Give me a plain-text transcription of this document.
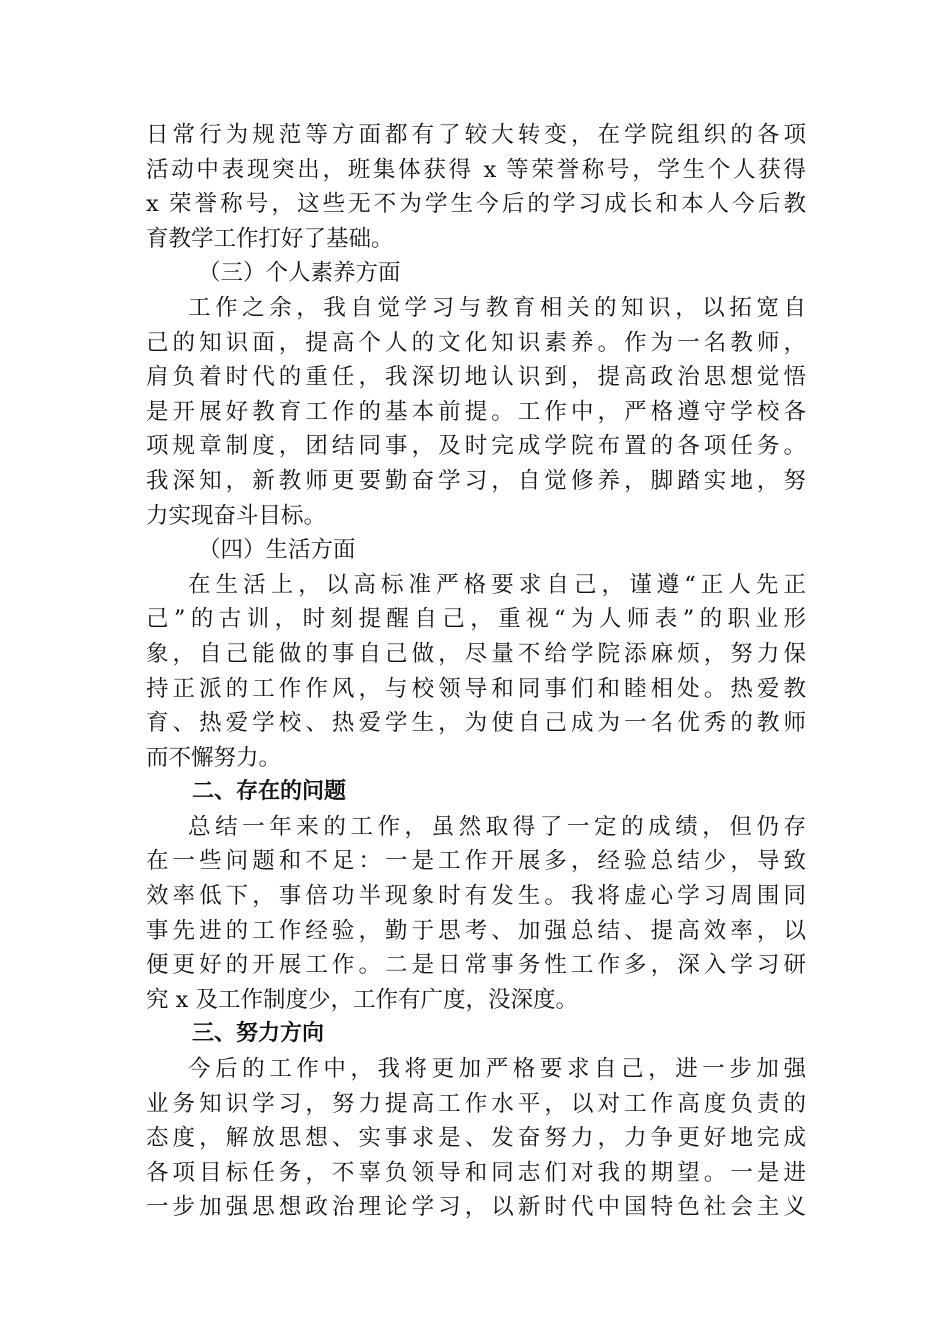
日常行为规范等方面都有了较大转变，在学院组织的各项
活动中表现突出，班集体获得 x 等荣誉称号，学生个人获得
x 荣誉称号，这些无不为学生今后的学习成长和本人今后教
育教学工作打好了基础。
（三）个人素养方面
工作之余，我自觉学习与教育相关的知识，以拓宽自
己的知识面，提高个人的文化知识素养。作为一名教师，
肩负着时代的重任，我深切地认识到，提高政治思想觉悟
是开展好教育工作的基本前提。工作中，严格遵守学校各
项规章制度，团结同事，及时完成学院布置的各项任务。
我深知，新教师更要勤奋学习，自觉修养，脚踏实地，努
力实现奋斗目标。
（四）生活方面
在生活上，以高标准严格要求自己，谨遵“正人先正
己”的古训，时刻提醒自己，重视“为人师表”的职业形
象，自己能做的事自己做，尽量不给学院添麻烦，努力保
持正派的工作作风，与校领导和同事们和睦相处。热爱教
育、热爱学校、热爱学生，为使自己成为一名优秀的教师
而不懈努力。
二、存在的问题
总结一年来的工作，虽然取得了一定的成绩，但仍存
在一些问题和不足：一是工作开展多，经验总结少，导致
效率低下，事倍功半现象时有发生。我将虚心学习周围同
事先进的工作经验，勤于思考、加强总结、提高效率，以
便更好的开展工作。二是日常事务性工作多，深入学习研
究 x 及工作制度少，工作有广度，没深度。
三、努力方向
今后的工作中，我将更加严格要求自己，进一步加强
业务知识学习，努力提高工作水平，以对工作高度负责的
态度，解放思想、实事求是、发奋努力，力争更好地完成
各项目标任务，不辜负领导和同志们对我的期望。一是进
一步加强思想政治理论学习，以新时代中国特色社会主义
